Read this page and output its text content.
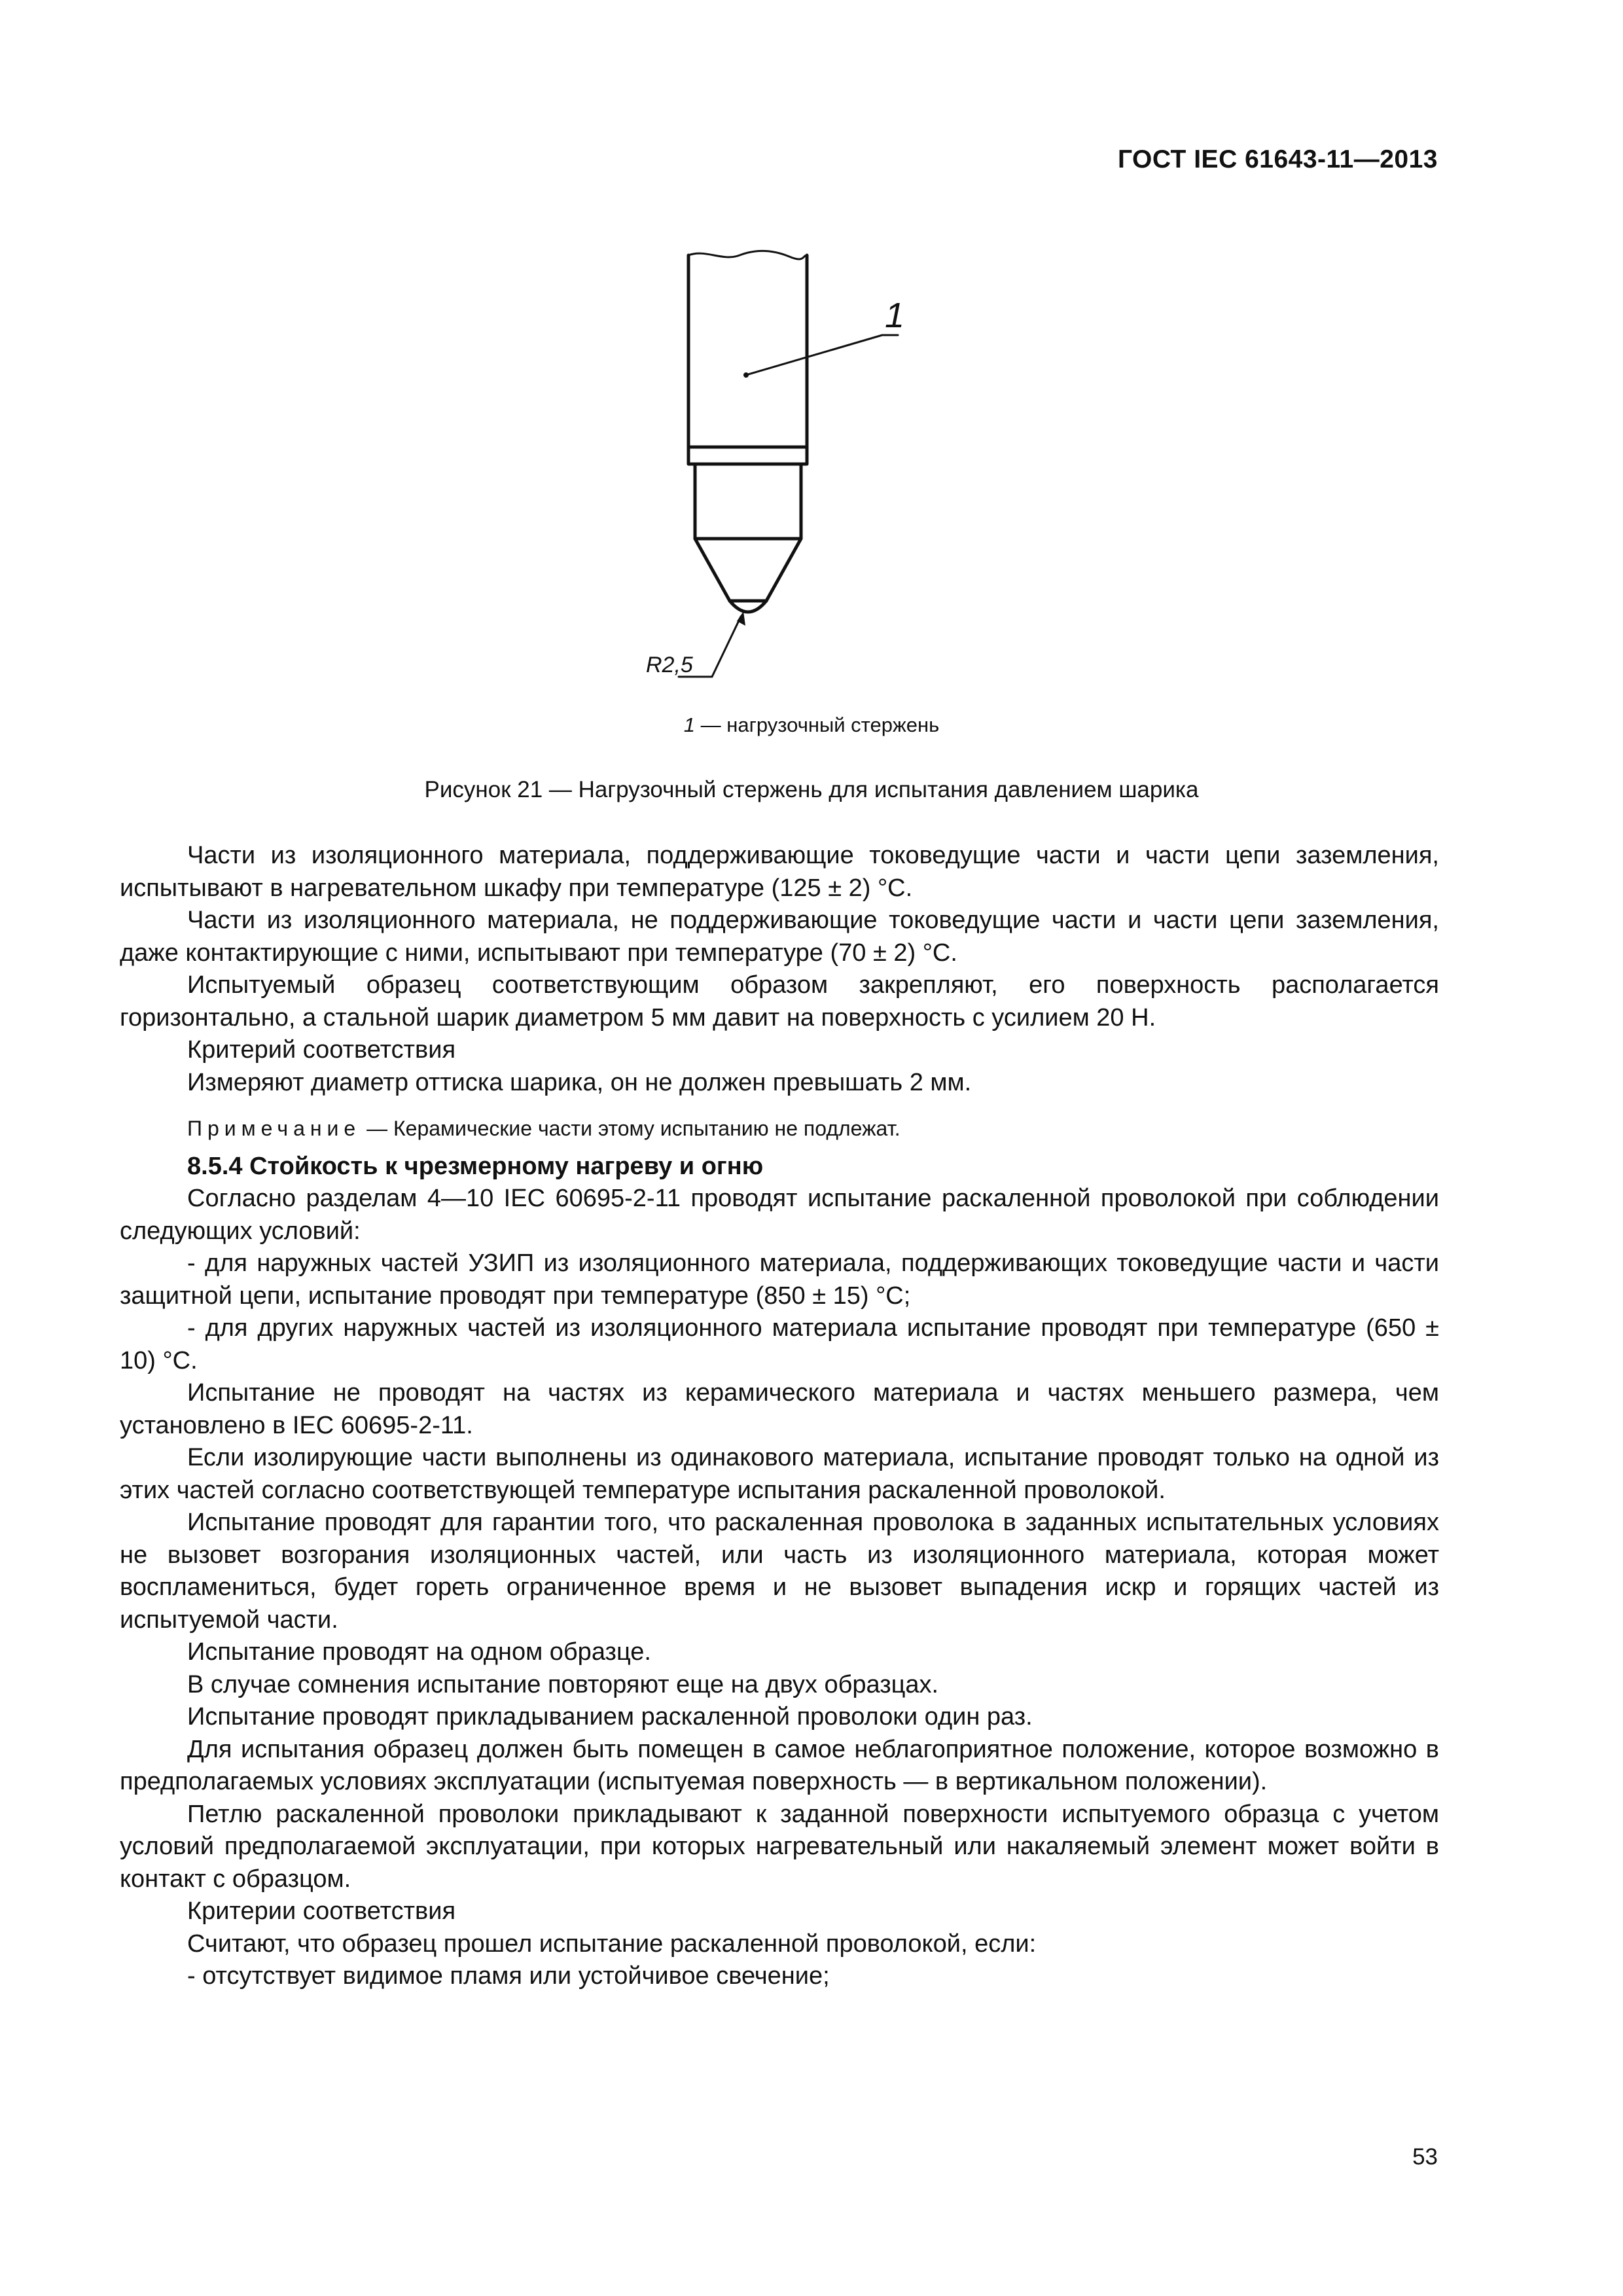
ГОСТ IEC 61643-11—2013

1
R2,5
1 — нагрузочный стержень
Рисунок 21 — Нагрузочный стержень для испытания давлением шарика

Части из изоляционного материала, поддерживающие токоведущие части и части цепи заземления, испытывают в нагревательном шкафу при температуре (125 ± 2) °С.

Части из изоляционного материала, не поддерживающие токоведущие части и части цепи заземления, даже контактирующие с ними, испытывают при температуре (70 ± 2) °С.

Испытуемый образец соответствующим образом закрепляют, его поверхность располагается горизонтально, а стальной шарик диаметром 5 мм давит на поверхность с усилием 20 Н.

Критерий соответствия

Измеряют диаметр оттиска шарика, он не должен превышать 2 мм.

Примечание — Керамические части этому испытанию не подлежат.

8.5.4 Стойкость к чрезмерному нагреву и огню

Согласно разделам 4—10 IEC 60695-2-11 проводят испытание раскаленной проволокой при соблюдении следующих условий:

- для наружных частей УЗИП из изоляционного материала, поддерживающих токоведущие части и части защитной цепи, испытание проводят при температуре (850 ± 15) °С;

- для других наружных частей из изоляционного материала испытание проводят при температуре (650 ± 10) °С.

Испытание не проводят на частях из керамического материала и частях меньшего размера, чем установлено в IEC 60695-2-11.

Если изолирующие части выполнены из одинакового материала, испытание проводят только на одной из этих частей согласно соответствующей температуре испытания раскаленной проволокой.

Испытание проводят для гарантии того, что раскаленная проволока в заданных испытательных условиях не вызовет возгорания изоляционных частей, или часть из изоляционного материала, которая может воспламениться, будет гореть ограниченное время и не вызовет выпадения искр и горящих частей из испытуемой части.

Испытание проводят на одном образце.

В случае сомнения испытание повторяют еще на двух образцах.

Испытание проводят прикладыванием раскаленной проволоки один раз.

Для испытания образец должен быть помещен в самое неблагоприятное положение, которое возможно в предполагаемых условиях эксплуатации (испытуемая поверхность — в вертикальном положении).

Петлю раскаленной проволоки прикладывают к заданной поверхности испытуемого образца с учетом условий предполагаемой эксплуатации, при которых нагревательный или накаляемый элемент может войти в контакт с образцом.

Критерии соответствия

Считают, что образец прошел испытание раскаленной проволокой, если:

- отсутствует видимое пламя или устойчивое свечение;

53
